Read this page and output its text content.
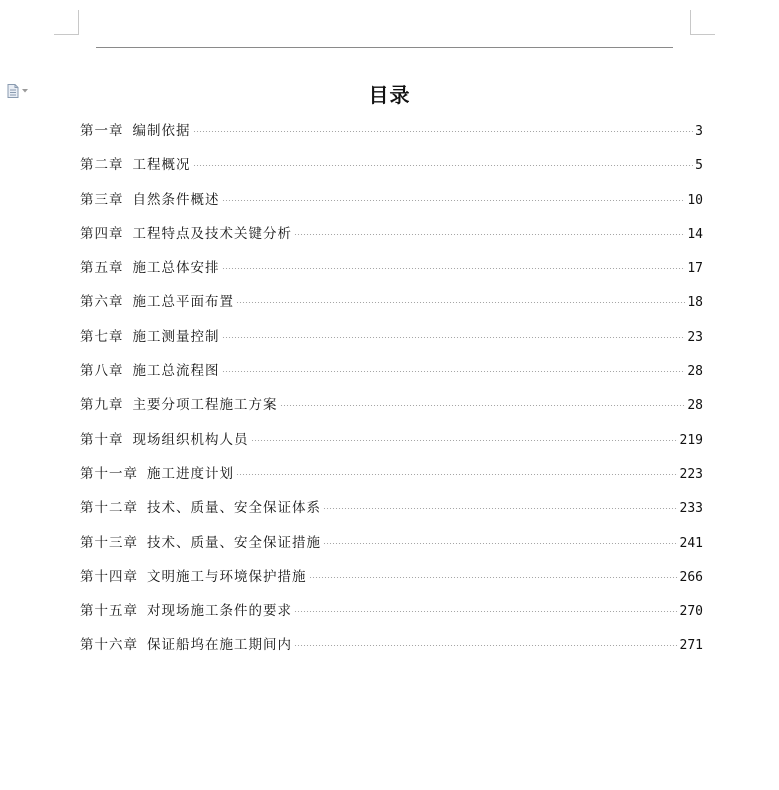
目录
第一章 编制依据	3
第二章 工程概况	5
第三章 自然条件概述	10
第四章 工程特点及技术关键分析	14
第五章 施工总体安排	17
第六章 施工总平面布置	18
第七章 施工测量控制	23
第八章 施工总流程图	28
第九章 主要分项工程施工方案	28
第十章 现场组织机构人员	219
第十一章 施工进度计划	223
第十二章 技术、质量、安全保证体系	233
第十三章 技术、质量、安全保证措施	241
第十四章 文明施工与环境保护措施	266
第十五章 对现场施工条件的要求	270
第十六章 保证船坞在施工期间内	271
